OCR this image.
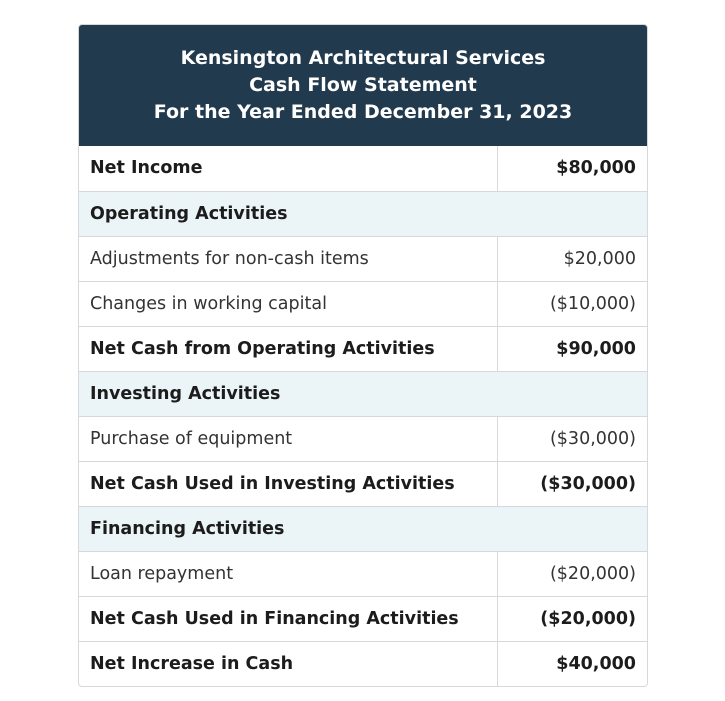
Kensington Architectural Services
Cash Flow Statement
For the Year Ended December 31, 2023
Net Income	$80,000
Operating Activities	
Adjustments for non-cash items	$20,000
Changes in working capital	($10,000)
Net Cash from Operating Activities	$90,000
Investing Activities	
Purchase of equipment	($30,000)
Net Cash Used in Investing Activities	($30,000)
Financing Activities	
Loan repayment	($20,000)
Net Cash Used in Financing Activities	($20,000)
Net Increase in Cash	$40,000
